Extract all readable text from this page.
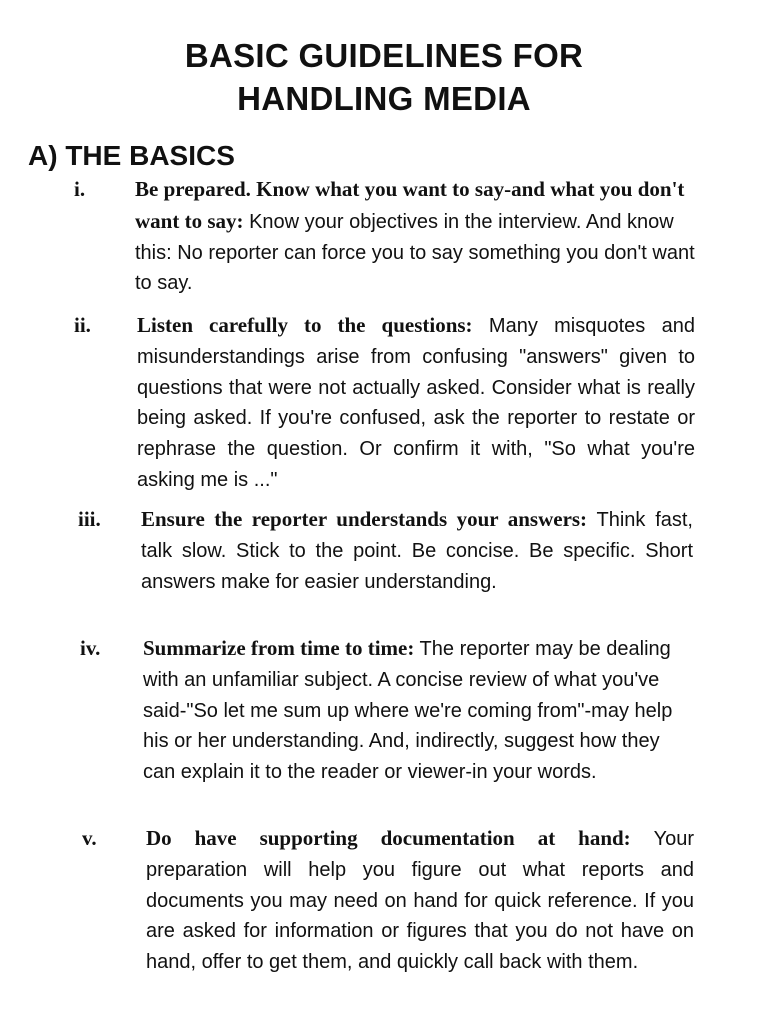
BASIC GUIDELINES FOR
HANDLING MEDIA
A) THE BASICS
i. Be prepared. Know what you want to say-and what you don't want to say: Know your objectives in the interview. And know this: No reporter can force you to say something you don't want to say.
ii. Listen carefully to the questions: Many misquotes and misunderstandings arise from confusing "answers" given to questions that were not actually asked. Consider what is really being asked. If you're confused, ask the reporter to restate or rephrase the question. Or confirm it with, "So what you're asking me is ..."
iii. Ensure the reporter understands your answers: Think fast, talk slow. Stick to the point. Be concise. Be specific. Short answers make for easier understanding.
iv. Summarize from time to time: The reporter may be dealing with an unfamiliar subject. A concise review of what you've said-"So let me sum up where we're coming from"-may help his or her understanding. And, indirectly, suggest how they can explain it to the reader or viewer-in your words.
v. Do have supporting documentation at hand: Your preparation will help you figure out what reports and documents you may need on hand for quick reference. If you are asked for information or figures that you do not have on hand, offer to get them, and quickly call back with them.
